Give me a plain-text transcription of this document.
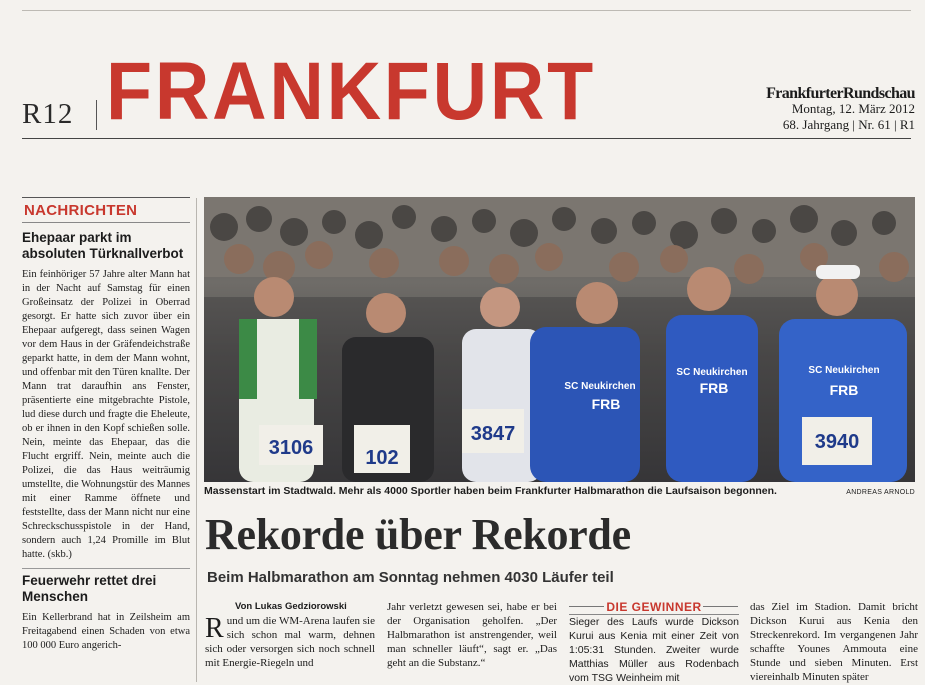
R12 FRANKFURT	FrankfurterRundschau
Montag, 12. März 2012
68. Jahrgang | Nr. 61 | R1
NACHRICHTEN
Ehepaar parkt im absoluten Türknallverbot
Ein feinhöriger 57 Jahre alter Mann hat in der Nacht auf Samstag für einen Großeinsatz der Polizei in Oberrad gesorgt. Er hatte sich zuvor über ein Ehepaar aufgeregt, dass seinen Wagen vor dem Haus in der Gräfendeichstraße geparkt hatte, in dem der Mann wohnt, und offenbar mit den Türen knallte. Der Mann trat daraufhin ans Fenster, präsentierte eine mitgebrachte Pistole, lud diese durch und fragte die Eheleute, ob er ihnen in den Kopf schießen solle. Nein, meinte das Ehepaar, das die Flucht ergriff. Nein, meinte auch die Polizei, die das Haus weiträumig umstellte, die Wohnungstür des Mannes mit einer Ramme öffnete und feststellte, dass der Mann nicht nur eine Schreckschusspistole in der Hand, sondern auch 1,24 Promille im Blut hatte. (skb.)
Feuerwehr rettet drei Menschen
Ein Kellerbrand hat in Zeilsheim am Freitagabend einen Schaden von etwa 100 000 Euro angerich-
SC Neukirchen
SC Neukirchen	SC Neukirchen
FRB
FRB	FRB
3106	102
3847	3940
Massenstart im Stadtwald. Mehr als 4000 Sportler haben beim Frankfurter Halbmarathon die Laufsaison begonnen.	ANDREAS ARNOLD
Rekorde über Rekorde
Beim Halbmarathon am Sonntag nehmen 4030 Läufer teil
Von Lukas Gedziorowski
R und um die WM-Arena laufen sie sich schon mal warm, dehnen sich oder versorgen sich noch schnell mit Energie-Riegeln und
Jahr verletzt gewesen sei, habe er bei der Organisation geholfen. „Der Halbmarathon ist anstrengender, weil man schneller läuft“, sagt er. „Das geht an die Substanz.“
DIE GEWINNER
Sieger des Laufs wurde Dickson Kurui aus Kenia mit einer Zeit von 1:05:31 Stunden. Zweiter wurde Matthias Müller aus Rodenbach vom TSG Weinheim mit
das Ziel im Stadion. Damit bricht Dickson Kurui aus Kenia den Streckenrekord. Im vergangenen Jahr schaffte Younes Ammouta eine Stunde und sieben Minuten. Erst viereinhalb Minuten später
